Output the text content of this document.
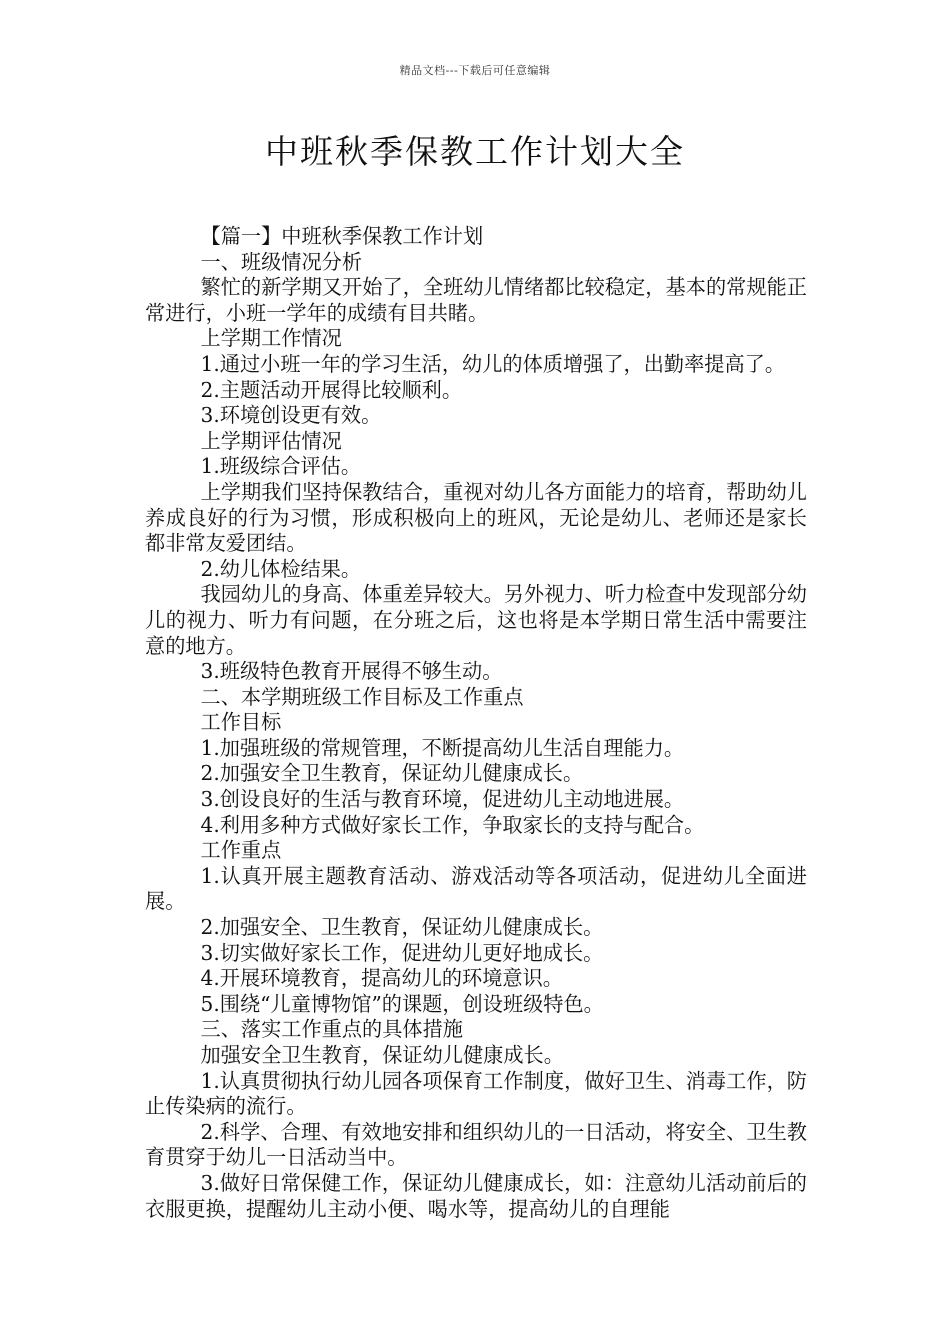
精品文档---下载后可任意编辑
中班秋季保教工作计划大全

【篇一】中班秋季保教工作计划

一、班级情况分析

繁忙的新学期又开始了，全班幼儿情绪都比较稳定，基本的常规能正常进行，小班一学年的成绩有目共睹。

上学期工作情况

1.通过小班一年的学习生活，幼儿的体质增强了，出勤率提高了。

2.主题活动开展得比较顺利。

3.环境创设更有效。

上学期评估情况

1.班级综合评估。

上学期我们坚持保教结合，重视对幼儿各方面能力的培育，帮助幼儿养成良好的行为习惯，形成积极向上的班风，无论是幼儿、老师还是家长都非常友爱团结。

2.幼儿体检结果。

我园幼儿的身高、体重差异较大。另外视力、听力检查中发现部分幼儿的视力、听力有问题，在分班之后，这也将是本学期日常生活中需要注意的地方。

3.班级特色教育开展得不够生动。

二、本学期班级工作目标及工作重点

工作目标

1.加强班级的常规管理，不断提高幼儿生活自理能力。

2.加强安全卫生教育，保证幼儿健康成长。

3.创设良好的生活与教育环境，促进幼儿主动地进展。

4.利用多种方式做好家长工作，争取家长的支持与配合。

工作重点

1.认真开展主题教育活动、游戏活动等各项活动，促进幼儿全面进展。

2.加强安全、卫生教育，保证幼儿健康成长。

3.切实做好家长工作，促进幼儿更好地成长。

4.开展环境教育，提高幼儿的环境意识。

5.围绕“儿童博物馆”的课题，创设班级特色。

三、落实工作重点的具体措施

加强安全卫生教育，保证幼儿健康成长。

1.认真贯彻执行幼儿园各项保育工作制度，做好卫生、消毒工作，防止传染病的流行。

2.科学、合理、有效地安排和组织幼儿的一日活动，将安全、卫生教育贯穿于幼儿一日活动当中。

3.做好日常保健工作，保证幼儿健康成长，如：注意幼儿活动前后的衣服更换，提醒幼儿主动小便、喝水等，提高幼儿的自理能
